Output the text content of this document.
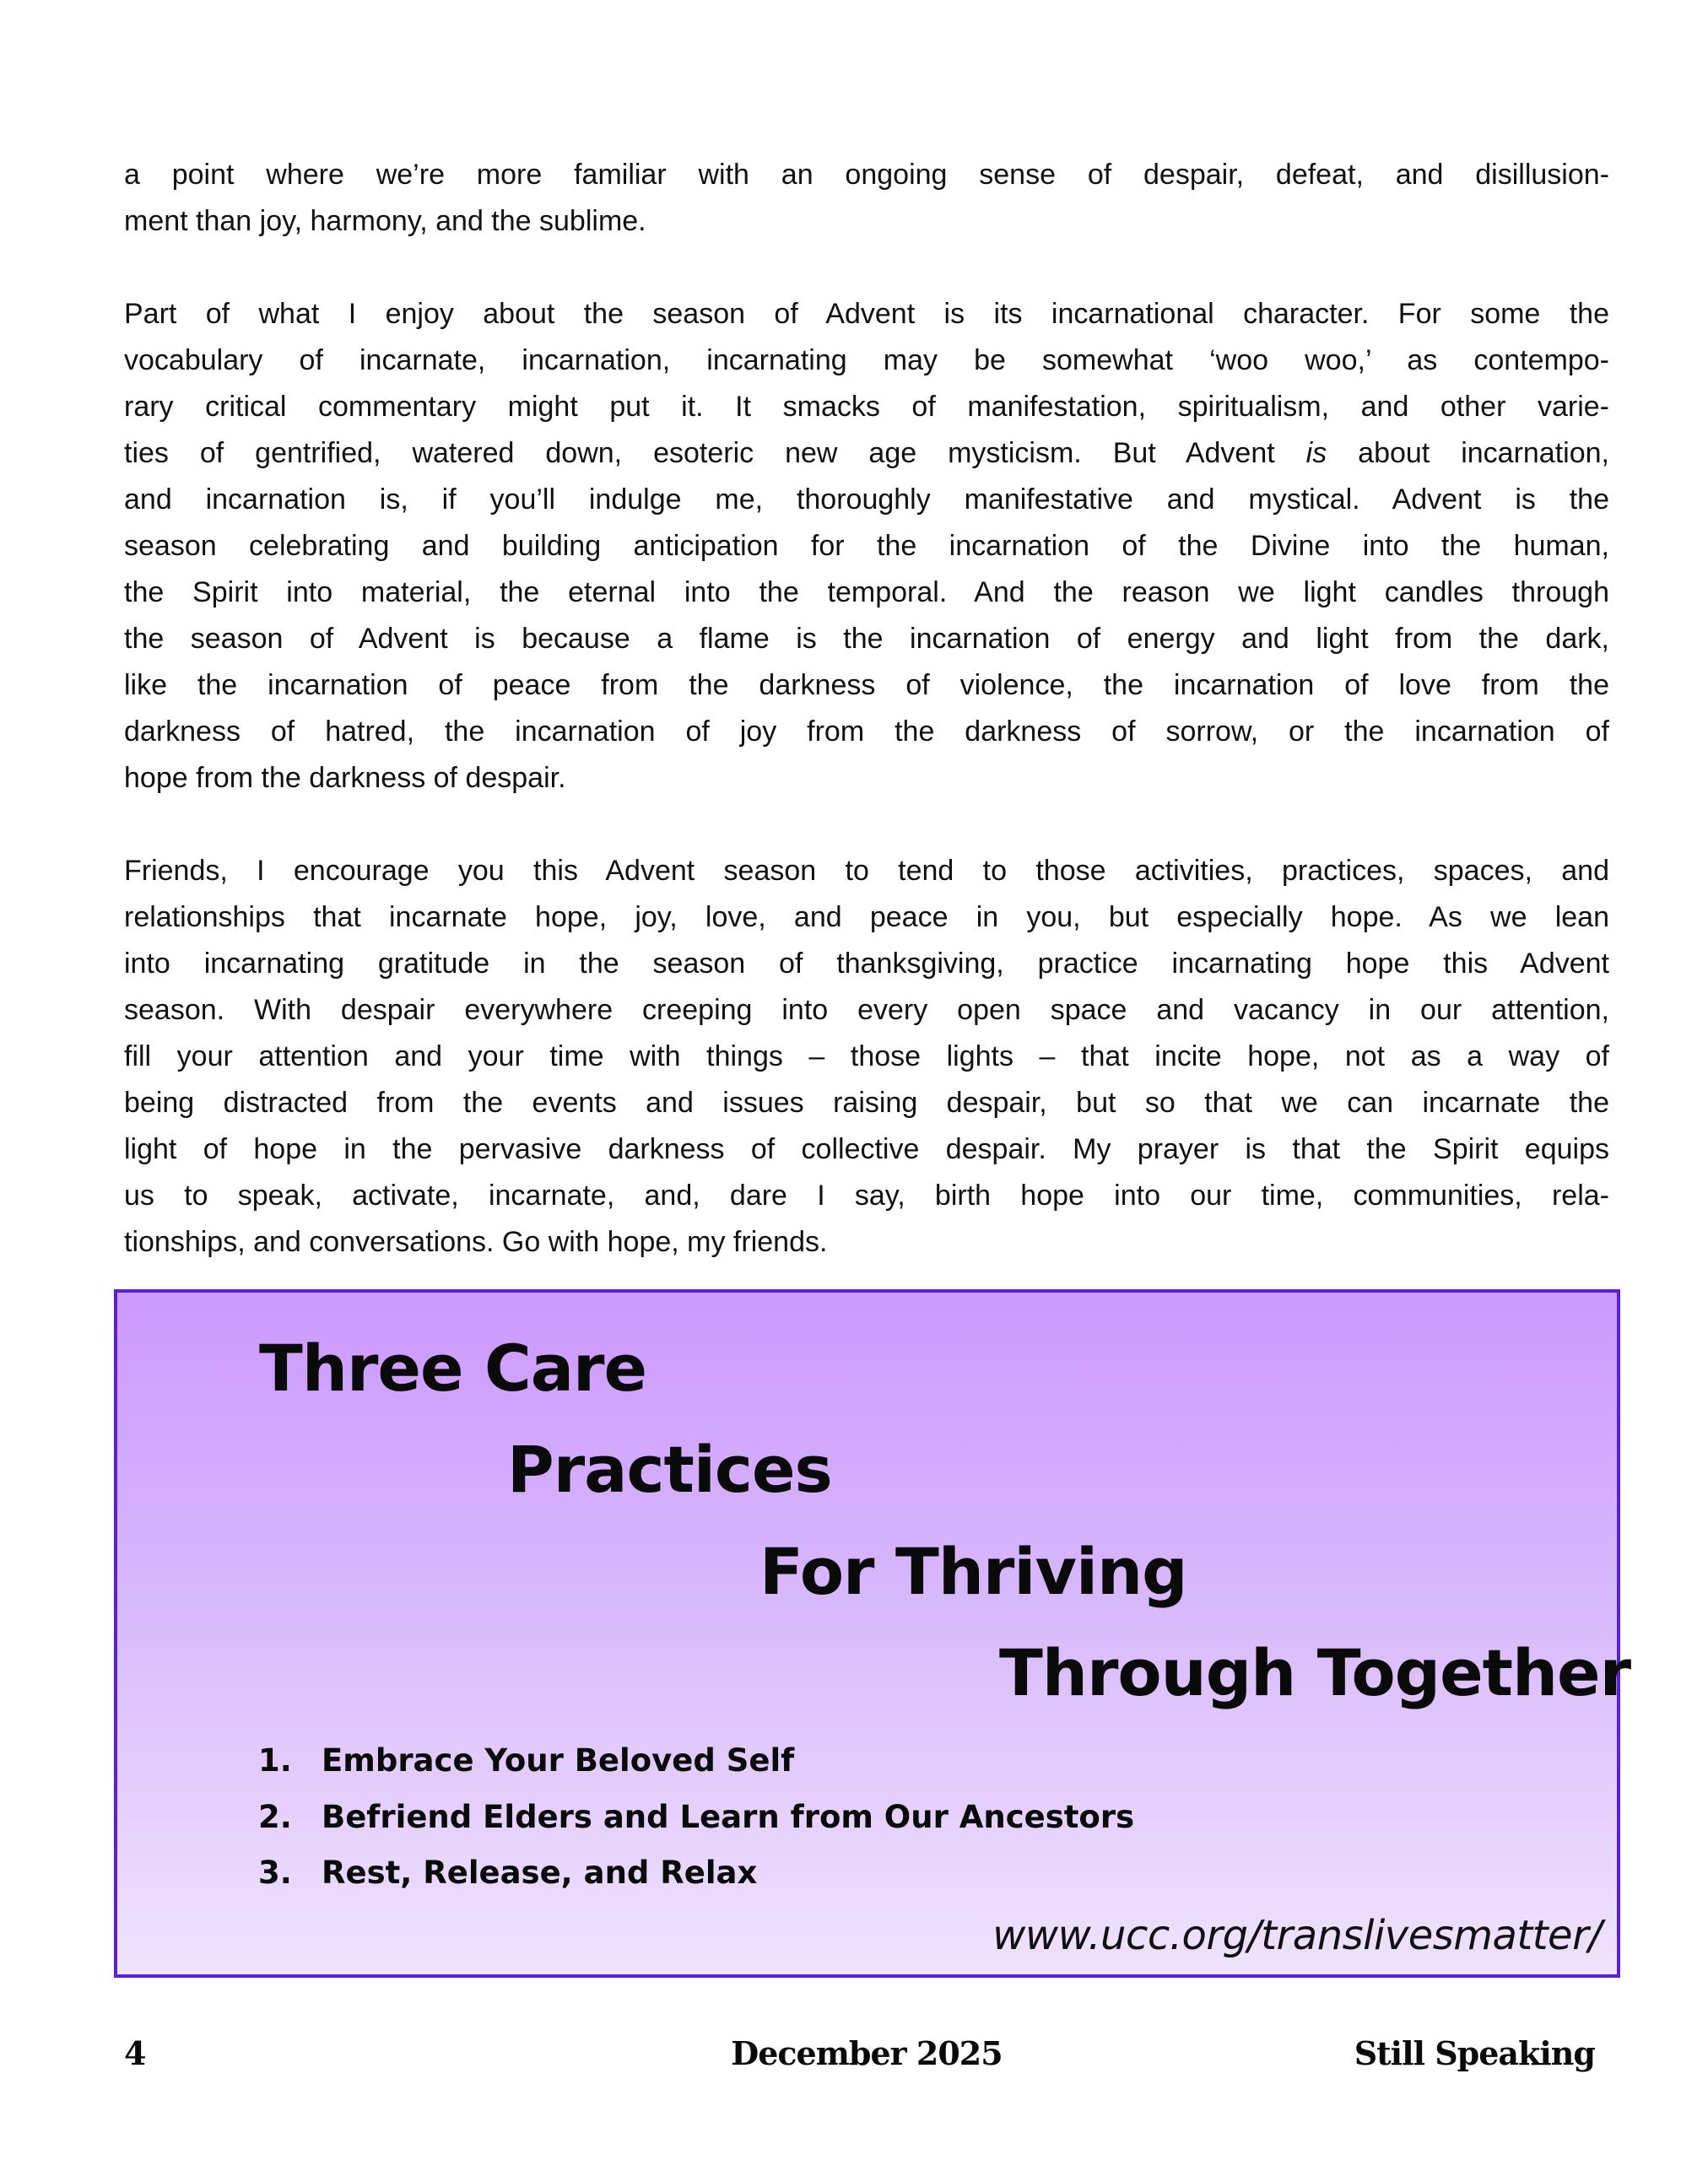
a point where we’re more familiar with an ongoing sense of despair, defeat, and disillusion-
ment than joy, harmony, and the sublime.
Part of what I enjoy about the season of Advent is its incarnational character. For some the
vocabulary of incarnate, incarnation, incarnating may be somewhat ‘woo woo,’ as contempo-
rary critical commentary might put it. It smacks of manifestation, spiritualism, and other varie-
ties of gentrified, watered down, esoteric new age mysticism. But Advent is about incarnation,
and incarnation is, if you’ll indulge me, thoroughly manifestative and mystical. Advent is the
season celebrating and building anticipation for the incarnation of the Divine into the human,
the Spirit into material, the eternal into the temporal. And the reason we light candles through
the season of Advent is because a flame is the incarnation of energy and light from the dark,
like the incarnation of peace from the darkness of violence, the incarnation of love from the
darkness of hatred, the incarnation of joy from the darkness of sorrow, or the incarnation of
hope from the darkness of despair.
Friends, I encourage you this Advent season to tend to those activities, practices, spaces, and
relationships that incarnate hope, joy, love, and peace in you, but especially hope. As we lean
into incarnating gratitude in the season of thanksgiving, practice incarnating hope this Advent
season. With despair everywhere creeping into every open space and vacancy in our attention,
fill your attention and your time with things – those lights – that incite hope, not as a way of
being distracted from the events and issues raising despair, but so that we can incarnate the
light of hope in the pervasive darkness of collective despair. My prayer is that the Spirit equips
us to speak, activate, incarnate, and, dare I say, birth hope into our time, communities, rela-
tionships, and conversations. Go with hope, my friends.
Three Care
Practices
For Thriving
Through Together
1. Embrace Your Beloved Self
2. Befriend Elders and Learn from Our Ancestors
3. Rest, Release, and Relax
www.ucc.org/translivesmatter/
4	December 2025	Still Speaking
